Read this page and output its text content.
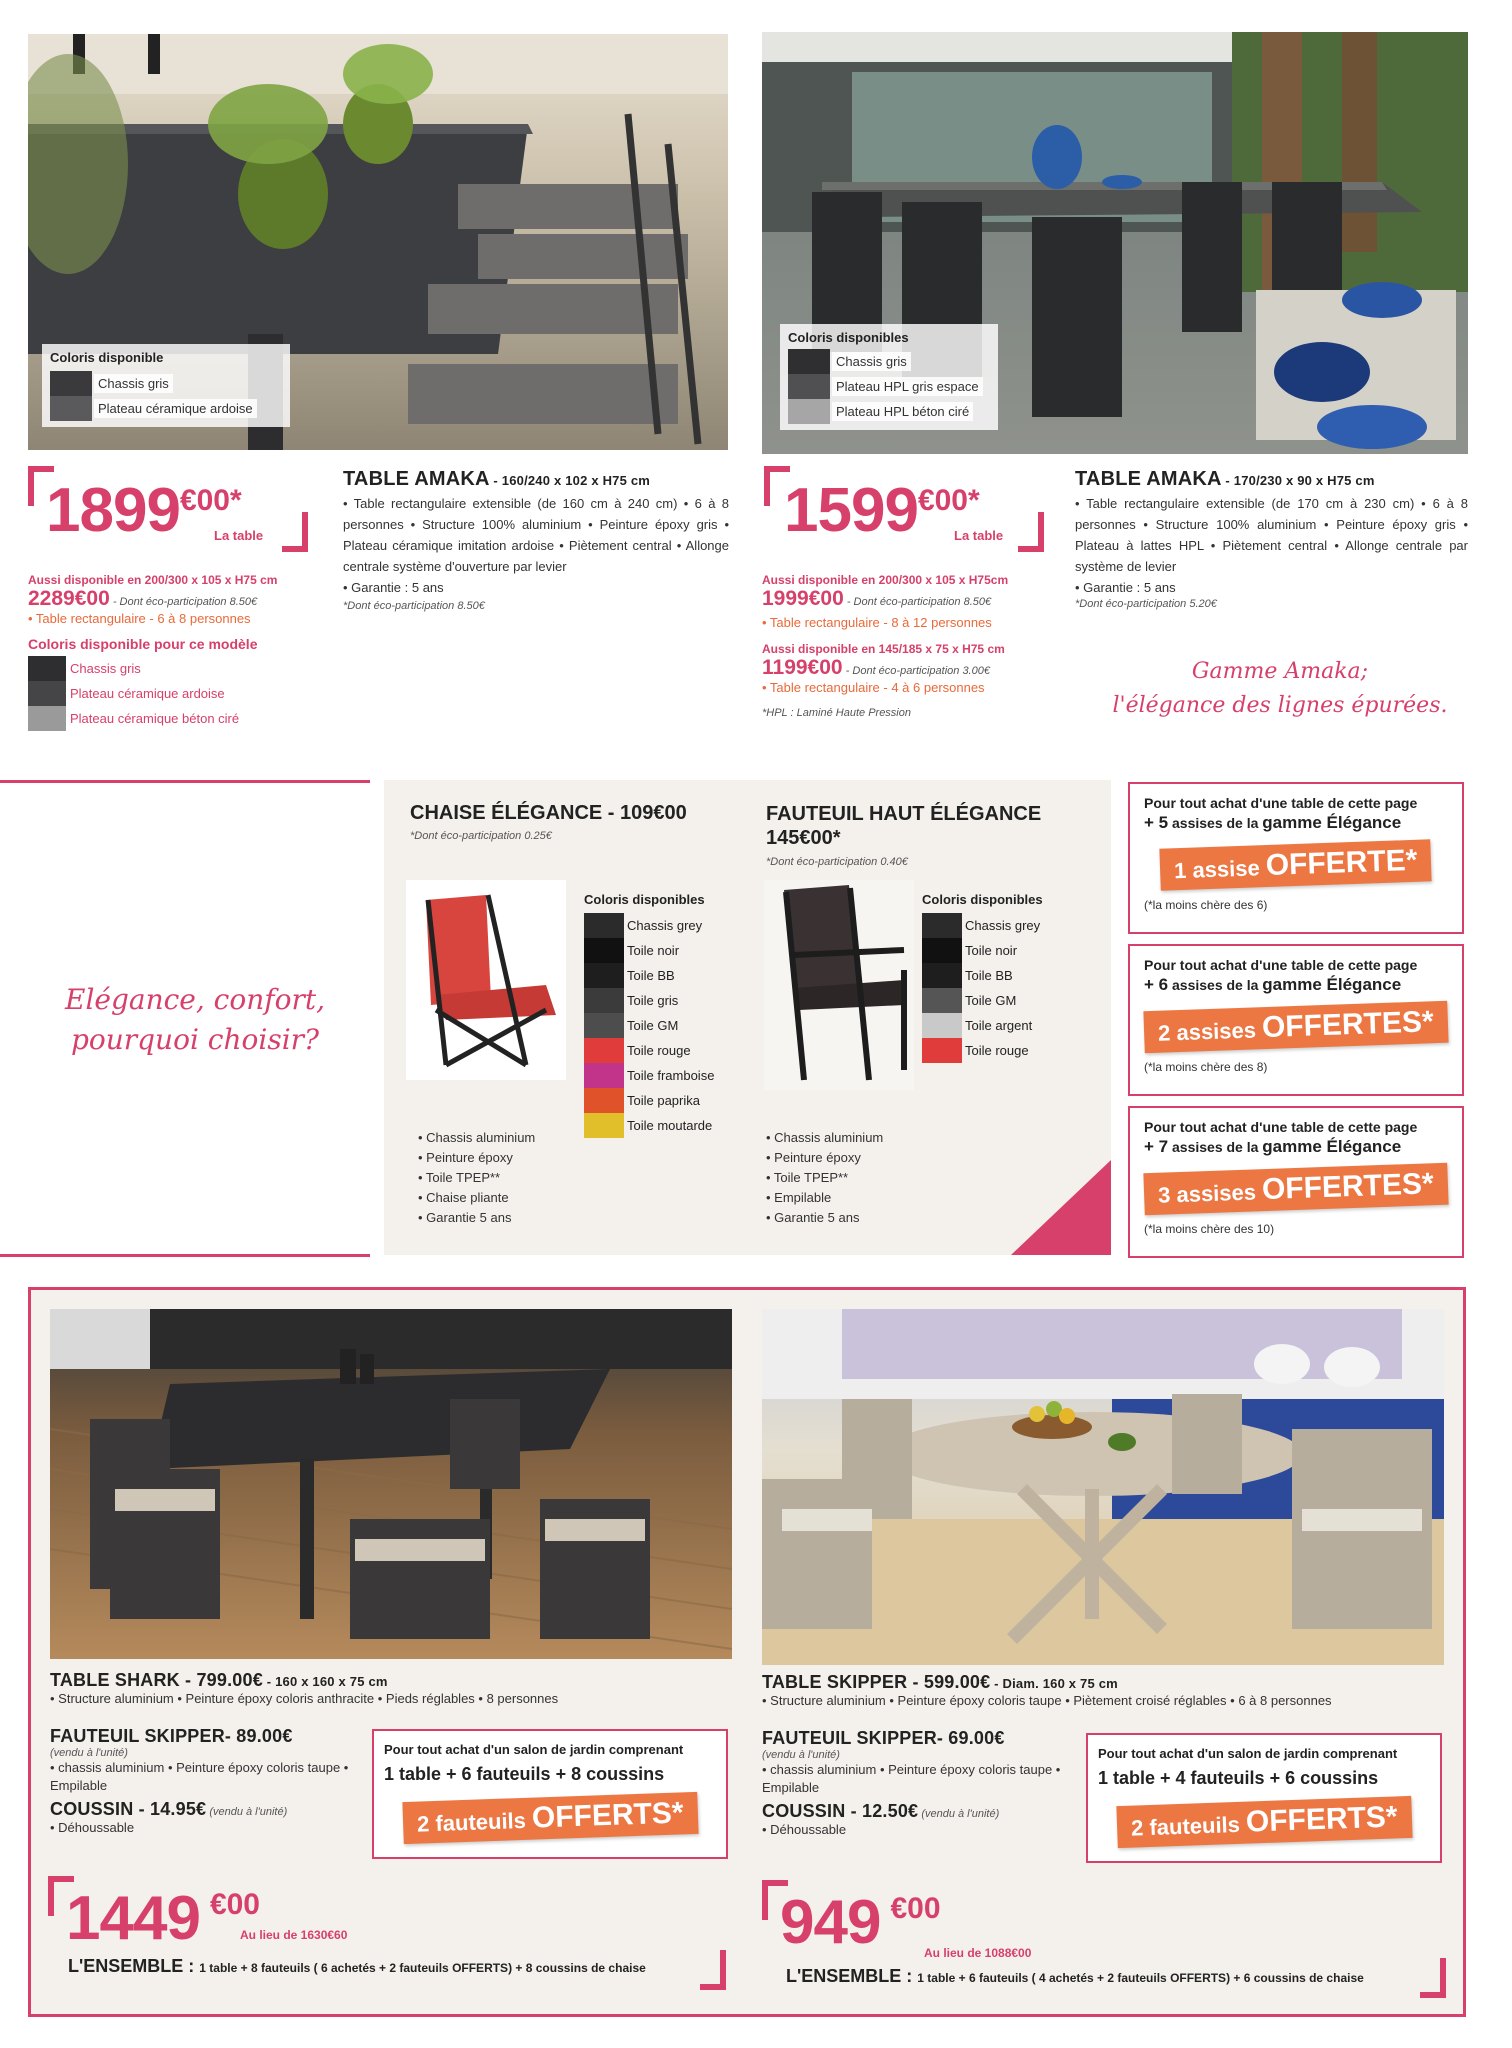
Coloris disponible
Chassis gris
Plateau céramique ardoise
1899€00*
La table
TABLE AMAKA - 160/240 x 102 x H75 cm
• Table rectangulaire extensible (de 160 cm à 240 cm) • 6 à 8 personnes • Structure 100% aluminium • Peinture époxy gris • Plateau céramique imitation ardoise • Piètement central • Allonge centrale système d'ouverture par levier
• Garantie : 5 ans
*Dont éco-participation 8.50€
Aussi disponible en 200/300 x 105 x H75 cm
2289€00 - Dont éco-participation 8.50€
• Table rectangulaire - 6 à 8 personnes
Coloris disponible pour ce modèle
Chassis gris
Plateau céramique ardoise
Plateau céramique béton ciré
Coloris disponibles
Chassis gris
Plateau HPL gris espace
Plateau HPL béton ciré
1599€00*
La table
TABLE AMAKA - 170/230 x 90 x H75 cm
• Table rectangulaire extensible (de 170 cm à 230 cm) • 6 à 8 personnes • Structure 100% aluminium • Peinture époxy gris • Plateau à lattes HPL • Piètement central • Allonge centrale par système de levier
• Garantie : 5 ans
*Dont éco-participation 5.20€
Aussi disponible en 200/300 x 105 x H75cm
1999€00 - Dont éco-participation 8.50€
• Table rectangulaire - 8 à 12 personnes
Aussi disponible en 145/185 x 75 x H75 cm
1199€00 - Dont éco-participation 3.00€
• Table rectangulaire - 4 à 6 personnes
*HPL : Laminé Haute Pression
Gamme Amaka;
l'élégance des lignes épurées.
Elégance, confort,
pourquoi choisir?
CHAISE ÉLÉGANCE - 109€00
*Dont éco-participation 0.25€
Coloris disponibles
Chassis grey
Toile noir
Toile BB
Toile gris
Toile GM
Toile rouge
Toile framboise
Toile paprika
Toile moutarde
• Chassis aluminium
• Peinture époxy
• Toile TPEP**
• Chaise pliante
• Garantie 5 ans
FAUTEUIL HAUT ÉLÉGANCE
145€00*
*Dont éco-participation 0.40€
Coloris disponibles
Chassis grey
Toile noir
Toile BB
Toile GM
Toile argent
Toile rouge
• Chassis aluminium
• Peinture époxy
• Toile TPEP**
• Empilable
• Garantie 5 ans
Pour tout achat d'une table de cette page
+ 5 assises de la gamme Élégance
1 assise OFFERTE*
(*la moins chère des 6)
Pour tout achat d'une table de cette page
+ 6 assises de la gamme Élégance
2 assises OFFERTES*
(*la moins chère des 8)
Pour tout achat d'une table de cette page
+ 7 assises de la gamme Élégance
3 assises OFFERTES*
(*la moins chère des 10)
TABLE SHARK - 799.00€ - 160 x 160 x 75 cm
• Structure aluminium • Peinture époxy coloris anthracite • Pieds réglables • 8 personnes
FAUTEUIL SKIPPER- 89.00€
(vendu à l'unité)
• chassis aluminium • Peinture époxy coloris taupe • Empilable
COUSSIN - 14.95€ (vendu à l'unité)
• Déhoussable
Pour tout achat d'un salon de jardin comprenant
1 table + 6 fauteuils + 8 coussins
2 fauteuils OFFERTS*
1449 €00
Au lieu de 1630€60
L'ENSEMBLE : 1 table + 8 fauteuils ( 6 achetés + 2 fauteuils OFFERTS) + 8 coussins de chaise
TABLE SKIPPER - 599.00€ - Diam. 160 x 75 cm
• Structure aluminium • Peinture époxy coloris taupe • Piètement croisé réglables • 6 à 8 personnes
FAUTEUIL SKIPPER- 69.00€
(vendu à l'unité)
• chassis aluminium • Peinture époxy coloris taupe • Empilable
COUSSIN - 12.50€ (vendu à l'unité)
• Déhoussable
Pour tout achat d'un salon de jardin comprenant
1 table + 4 fauteuils + 6 coussins
2 fauteuils OFFERTS*
949 €00
Au lieu de 1088€00
L'ENSEMBLE : 1 table + 6 fauteuils ( 4 achetés + 2 fauteuils OFFERTS) + 6 coussins de chaise
